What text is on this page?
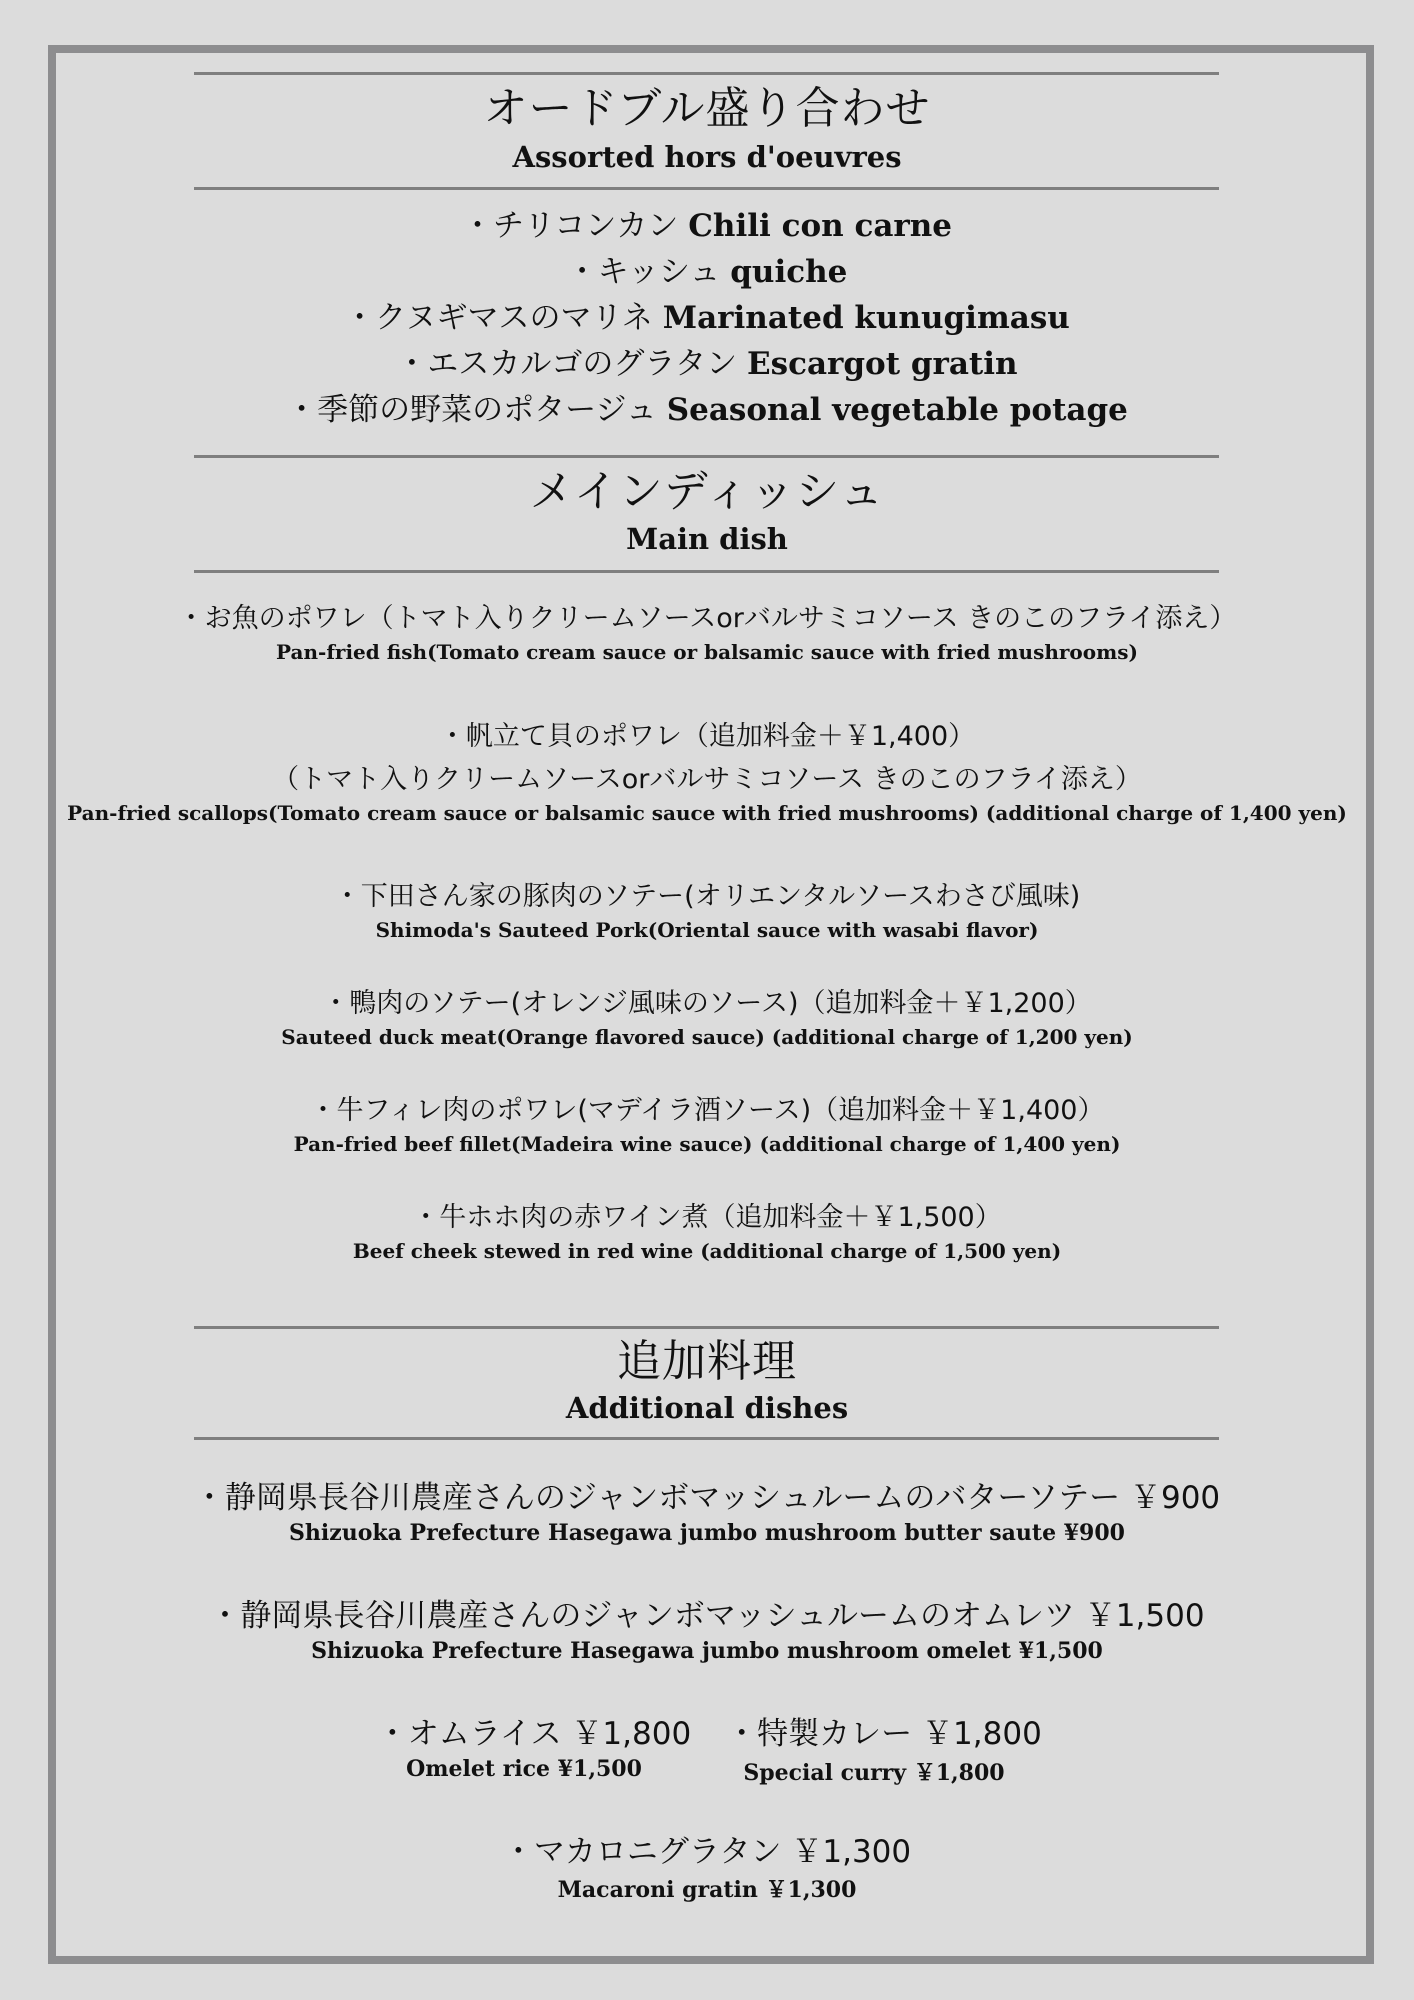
オードブル盛り合わせ
Assorted hors d'oeuvres
・チリコンカン Chili con carne
・キッシュ quiche
・クヌギマスのマリネ Marinated kunugimasu
・エスカルゴのグラタン Escargot gratin
・季節の野菜のポタージュ Seasonal vegetable potage
メインディッシュ
Main dish
・お魚のポワレ（トマト入りクリームソースorバルサミコソース きのこのフライ添え）
Pan-fried fish(Tomato cream sauce or balsamic sauce with fried mushrooms)
・帆立て貝のポワレ（追加料金＋￥1,400）
（トマト入りクリームソースorバルサミコソース きのこのフライ添え）
Pan-fried scallops(Tomato cream sauce or balsamic sauce with fried mushrooms) (additional charge of 1,400 yen)
・下田さん家の豚肉のソテー(オリエンタルソースわさび風味)
Shimoda's Sauteed Pork(Oriental sauce with wasabi flavor)
・鴨肉のソテー(オレンジ風味のソース)（追加料金＋￥1,200）
Sauteed duck meat(Orange flavored sauce) (additional charge of 1,200 yen)
・牛フィレ肉のポワレ(マデイラ酒ソース)（追加料金＋￥1,400）
Pan-fried beef fillet(Madeira wine sauce) (additional charge of 1,400 yen)
・牛ホホ肉の赤ワイン煮（追加料金＋￥1,500）
Beef cheek stewed in red wine (additional charge of 1,500 yen)
追加料理
Additional dishes
・静岡県長谷川農産さんのジャンボマッシュルームのバターソテー ￥900
Shizuoka Prefecture Hasegawa jumbo mushroom butter saute ¥900
・静岡県長谷川農産さんのジャンボマッシュルームのオムレツ ￥1,500
Shizuoka Prefecture Hasegawa jumbo mushroom omelet ¥1,500
・オムライス ￥1,800
Omelet rice ¥1,500
・特製カレー ￥1,800
Special curry ￥1,800
・マカロニグラタン ￥1,300
Macaroni gratin ￥1,300
